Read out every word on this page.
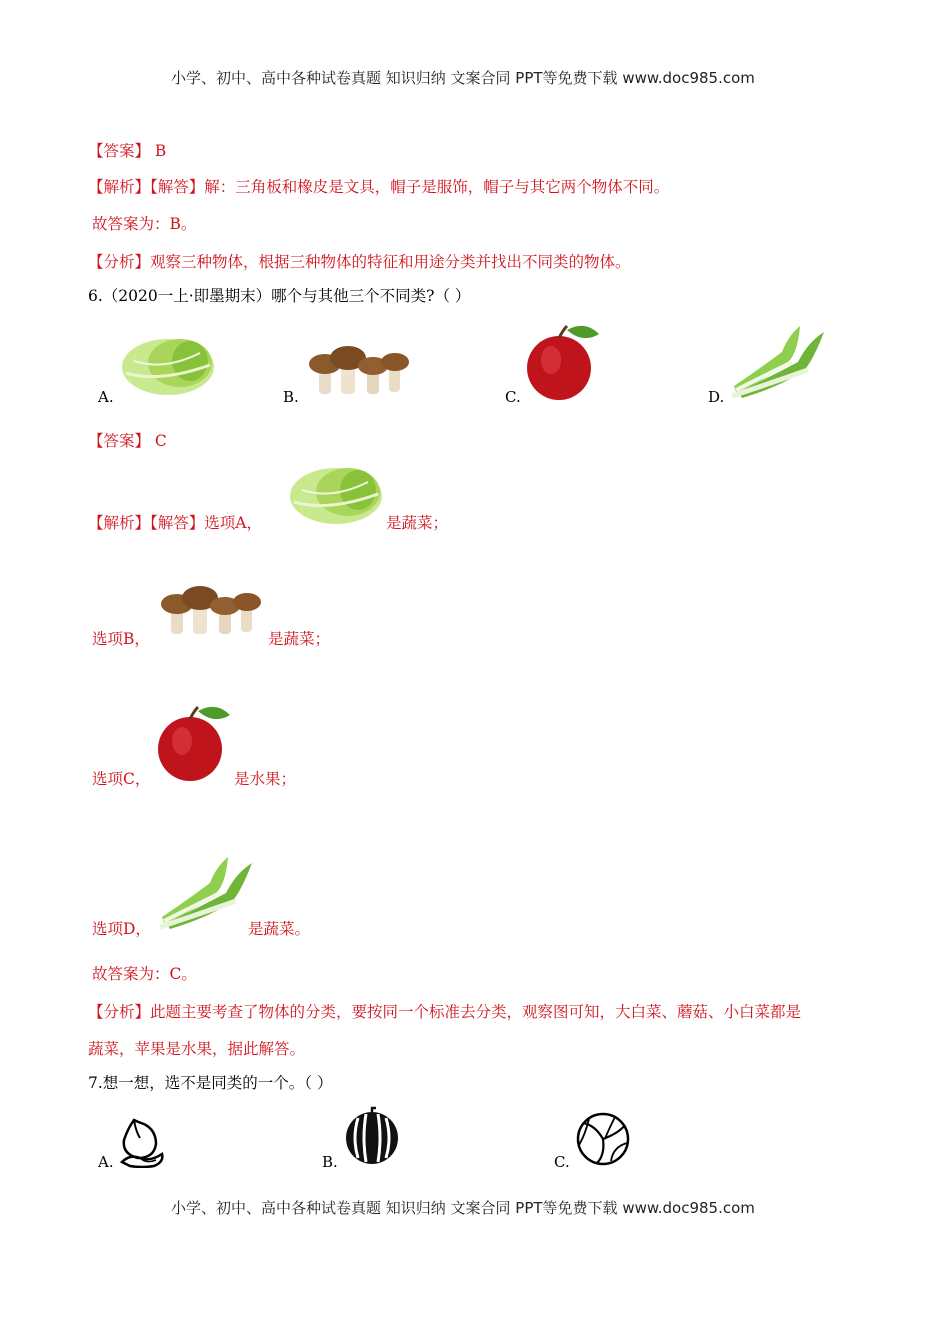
小学、初中、高中各种试卷真题 知识归纳 文案合同 PPT等免费下载 www.doc985.com
【答案】 B
【解析】【解答】解：三角板和橡皮是文具，帽子是服饰，帽子与其它两个物体不同。
故答案为：B。
【分析】观察三种物体，根据三种物体的特征和用途分类并找出不同类的物体。
6.（2020一上·即墨期末）哪个与其他三个不同类?（ ）
A.	B.	C.	D.
【答案】 C
【解析】【解答】选项A，	是蔬菜；
选项B，	是蔬菜；
选项C，	是水果；
选项D，	是蔬菜。
故答案为：C。
【分析】此题主要考查了物体的分类，要按同一个标准去分类，观察图可知，大白菜、蘑菇、小白菜都是
蔬菜，苹果是水果，据此解答。
7.想一想，选不是同类的一个。（ ）
A.	B.	C.
小学、初中、高中各种试卷真题 知识归纳 文案合同 PPT等免费下载 www.doc985.com
